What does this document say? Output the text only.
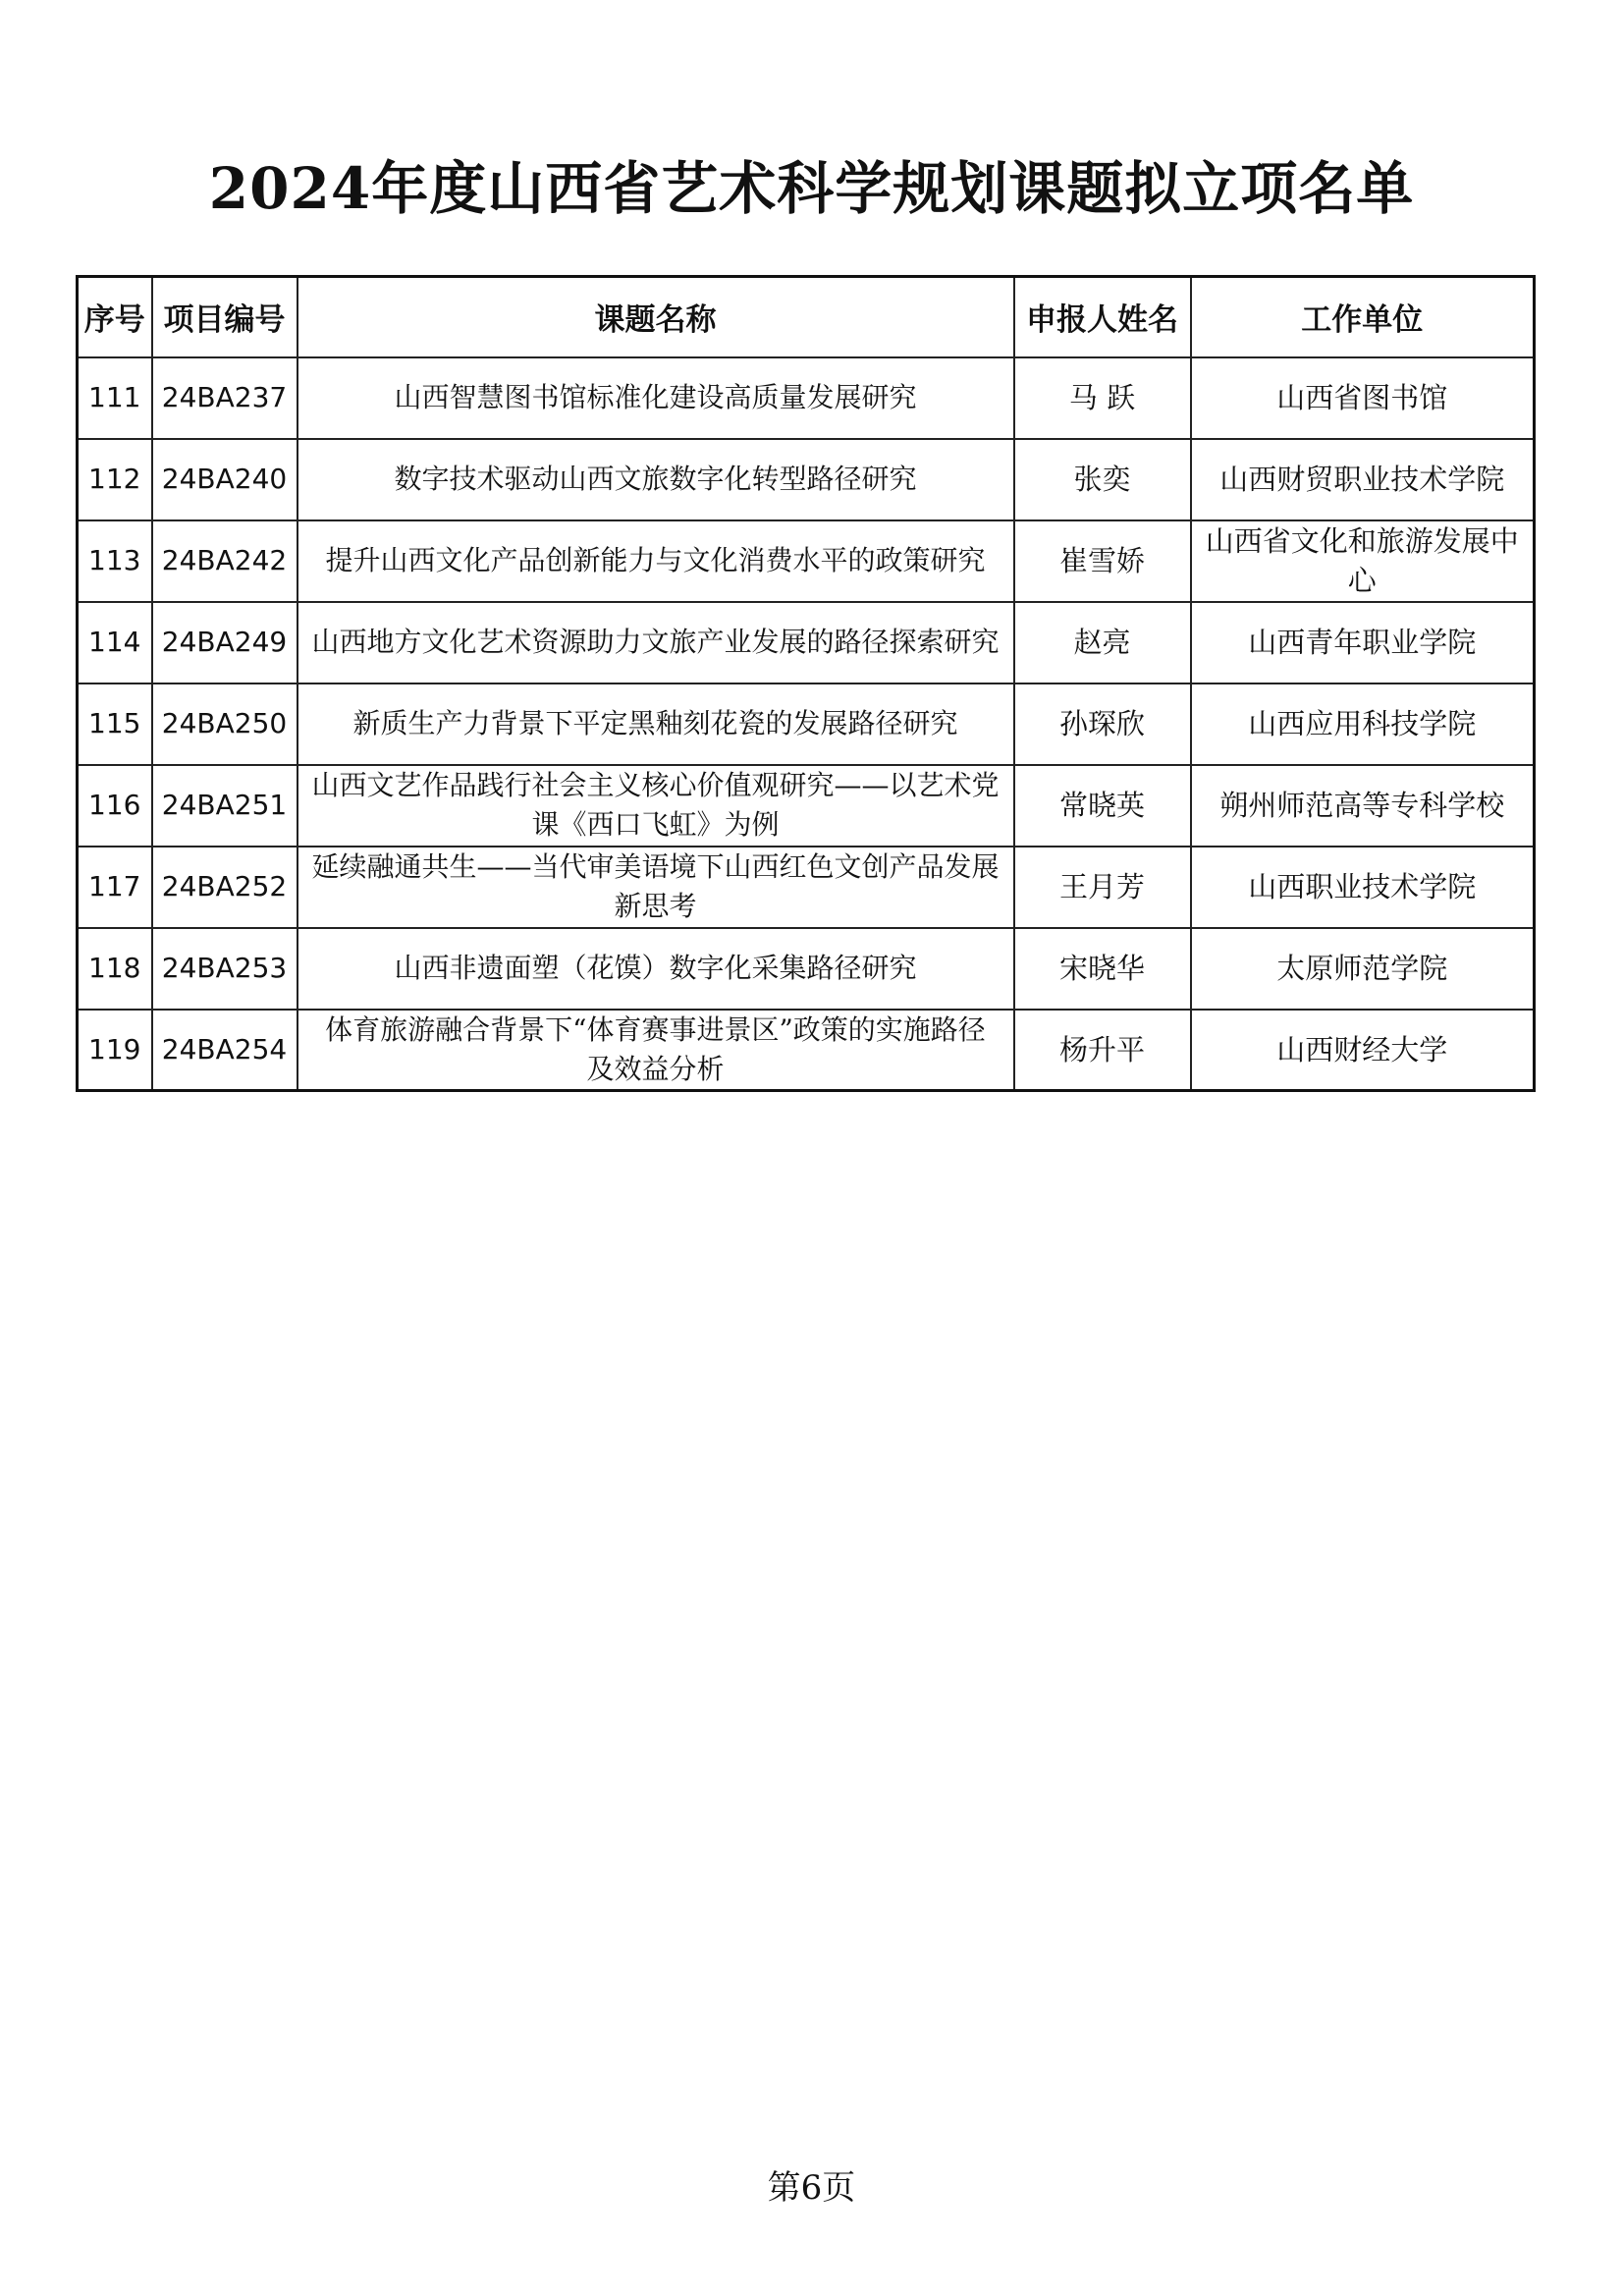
2024年度山西省艺术科学规划课题拟立项名单
序号	项目编号	课题名称	申报人姓名	工作单位
111	24BA237	山西智慧图书馆标准化建设高质量发展研究	马 跃	山西省图书馆
112	24BA240	数字技术驱动山西文旅数字化转型路径研究	张奕	山西财贸职业技术学院
113	24BA242	提升山西文化产品创新能力与文化消费水平的政策研究	崔雪娇	山西省文化和旅游发展中心
114	24BA249	山西地方文化艺术资源助力文旅产业发展的路径探索研究	赵亮	山西青年职业学院
115	24BA250	新质生产力背景下平定黑釉刻花瓷的发展路径研究	孙琛欣	山西应用科技学院
116	24BA251	山西文艺作品践行社会主义核心价值观研究——以艺术党课《西口飞虹》为例	常晓英	朔州师范高等专科学校
117	24BA252	延续融通共生——当代审美语境下山西红色文创产品发展新思考	王月芳	山西职业技术学院
118	24BA253	山西非遗面塑（花馍）数字化采集路径研究	宋晓华	太原师范学院
119	24BA254	体育旅游融合背景下“体育赛事进景区”政策的实施路径及效益分析	杨升平	山西财经大学
第6页
